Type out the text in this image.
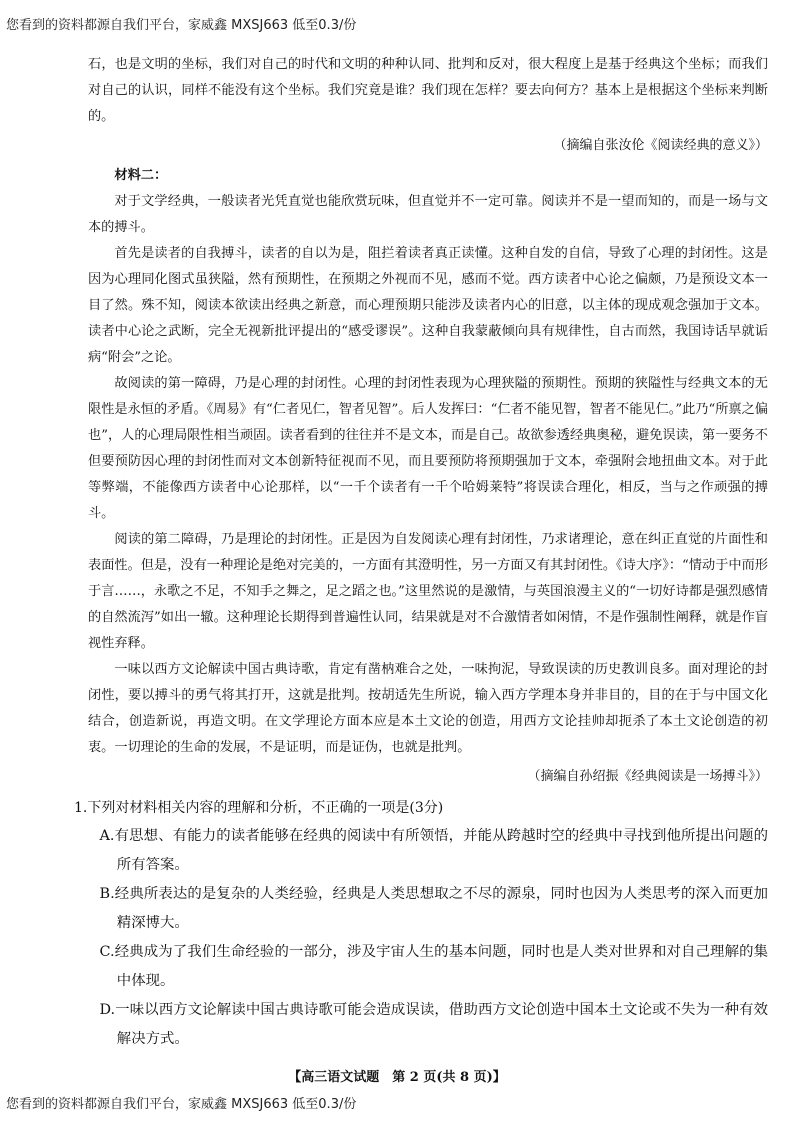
您看到的资料都源自我们平台，家威鑫 MXSJ663 低至0.3/份

石，也是文明的坐标，我们对自己的时代和文明的种种认同、批判和反对，很大程度上是基于经典这个坐标；而我们对自己的认识，同样不能没有这个坐标。我们究竟是谁？我们现在怎样？要去向何方？基本上是根据这个坐标来判断的。

（摘编自张汝伦《阅读经典的意义》）

材料二：

对于文学经典，一般读者光凭直觉也能欣赏玩味，但直觉并不一定可靠。阅读并不是一望而知的，而是一场与文本的搏斗。

首先是读者的自我搏斗，读者的自以为是，阻拦着读者真正读懂。这种自发的自信，导致了心理的封闭性。这是因为心理同化图式虽狭隘，然有预期性，在预期之外视而不见，感而不觉。西方读者中心论之偏颇，乃是预设文本一目了然。殊不知，阅读本欲读出经典之新意，而心理预期只能涉及读者内心的旧意，以主体的现成观念强加于文本。读者中心论之武断，完全无视新批评提出的“感受谬误”。这种自我蒙蔽倾向具有规律性，自古而然，我国诗话早就诟病“附会”之论。

故阅读的第一障碍，乃是心理的封闭性。心理的封闭性表现为心理狭隘的预期性。预期的狭隘性与经典文本的无限性是永恒的矛盾。《周易》有“仁者见仁，智者见智”。后人发挥曰：“仁者不能见智，智者不能见仁。”此乃“所禀之偏也”，人的心理局限性相当顽固。读者看到的往往并不是文本，而是自己。故欲参透经典奥秘，避免误读，第一要务不但要预防因心理的封闭性而对文本创新特征视而不见，而且要预防将预期强加于文本，牵强附会地扭曲文本。对于此等弊端，不能像西方读者中心论那样，以“一千个读者有一千个哈姆莱特”将误读合理化，相反，当与之作顽强的搏斗。

阅读的第二障碍，乃是理论的封闭性。正是因为自发阅读心理有封闭性，乃求诸理论，意在纠正直觉的片面性和表面性。但是，没有一种理论是绝对完美的，一方面有其澄明性，另一方面又有其封闭性。《诗大序》：“情动于中而形于言……，永歌之不足，不知手之舞之，足之蹈之也。”这里然说的是激情，与英国浪漫主义的“一切好诗都是强烈感情的自然流泻”如出一辙。这种理论长期得到普遍性认同，结果就是对不合激情者如闲情，不是作强制性阐释，就是作盲视性弃释。

一味以西方文论解读中国古典诗歌，肯定有凿枘难合之处，一味拘泥，导致误读的历史教训良多。面对理论的封闭性，要以搏斗的勇气将其打开，这就是批判。按胡适先生所说，输入西方学理本身并非目的，目的在于与中国文化结合，创造新说，再造文明。在文学理论方面本应是本土文论的创造，用西方文论挂帅却扼杀了本土文论创造的初衷。一切理论的生命的发展，不是证明，而是证伪，也就是批判。

（摘编自孙绍振《经典阅读是一场搏斗》）

1.下列对材料相关内容的理解和分析，不正确的一项是(3分)

A.有思想、有能力的读者能够在经典的阅读中有所领悟，并能从跨越时空的经典中寻找到他所提出问题的所有答案。

B.经典所表达的是复杂的人类经验，经典是人类思想取之不尽的源泉，同时也因为人类思考的深入而更加精深博大。

C.经典成为了我们生命经验的一部分，涉及宇宙人生的基本问题，同时也是人类对世界和对自己理解的集中体现。

D.一味以西方文论解读中国古典诗歌可能会造成误读，借助西方文论创造中国本土文论或不失为一种有效解决方式。

【高三语文试题　第 2 页(共 8 页)】
您看到的资料都源自我们平台，家威鑫 MXSJ663 低至0.3/份
